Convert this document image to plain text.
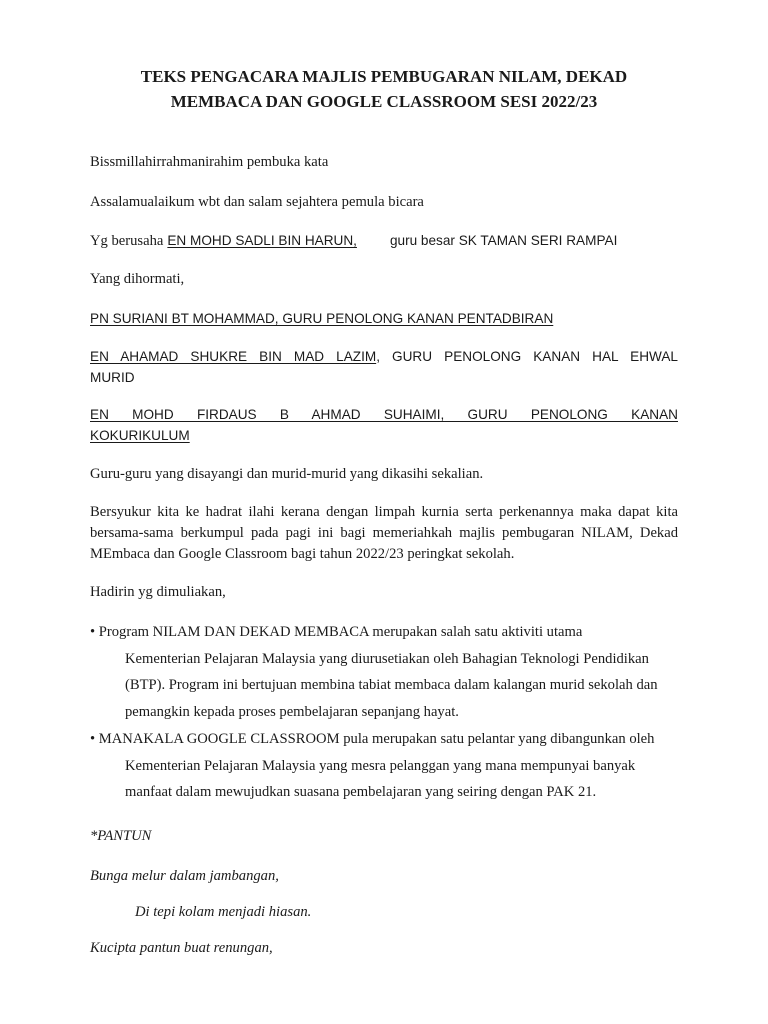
TEKS PENGACARA MAJLIS PEMBUGARAN NILAM, DEKAD
MEMBACA DAN GOOGLE CLASSROOM SESI 2022/23
Bissmillahirrahmanirahim pembuka kata
Assalamualaikum wbt dan salam sejahtera pemula bicara
Yg berusaha EN MOHD SADLI BIN HARUN, guru besar SK TAMAN SERI RAMPAI
Yang dihormati,
PN SURIANI BT MOHAMMAD, GURU PENOLONG KANAN PENTADBIRAN
EN AHAMAD SHUKRE BIN MAD LAZIM, GURU PENOLONG KANAN HAL EHWAL
MURID
EN MOHD FIRDAUS B AHMAD SUHAIMI, GURU PENOLONG KANAN
KOKURIKULUM
Guru-guru yang disayangi dan murid-murid yang dikasihi sekalian.
Bersyukur kita ke hadrat ilahi kerana dengan limpah kurnia serta perkenannya maka dapat kita
bersama-sama berkumpul pada pagi ini bagi memeriahkah majlis pembugaran NILAM, Dekad
MEmbaca dan Google Classroom bagi tahun 2022/23 peringkat sekolah.
Hadirin yg dimuliakan,
• Program NILAM DAN DEKAD MEMBACA merupakan salah satu aktiviti utama
Kementerian Pelajaran Malaysia yang diurusetiakan oleh Bahagian Teknologi Pendidikan
(BTP). Program ini bertujuan membina tabiat membaca dalam kalangan murid sekolah dan
pemangkin kepada proses pembelajaran sepanjang hayat.
• MANAKALA GOOGLE CLASSROOM pula merupakan satu pelantar yang dibangunkan oleh
Kementerian Pelajaran Malaysia yang mesra pelanggan yang mana mempunyai banyak
manfaat dalam mewujudkan suasana pembelajaran yang seiring dengan PAK 21.
*PANTUN
Bunga melur dalam jambangan,
Di tepi kolam menjadi hiasan.
Kucipta pantun buat renungan,
